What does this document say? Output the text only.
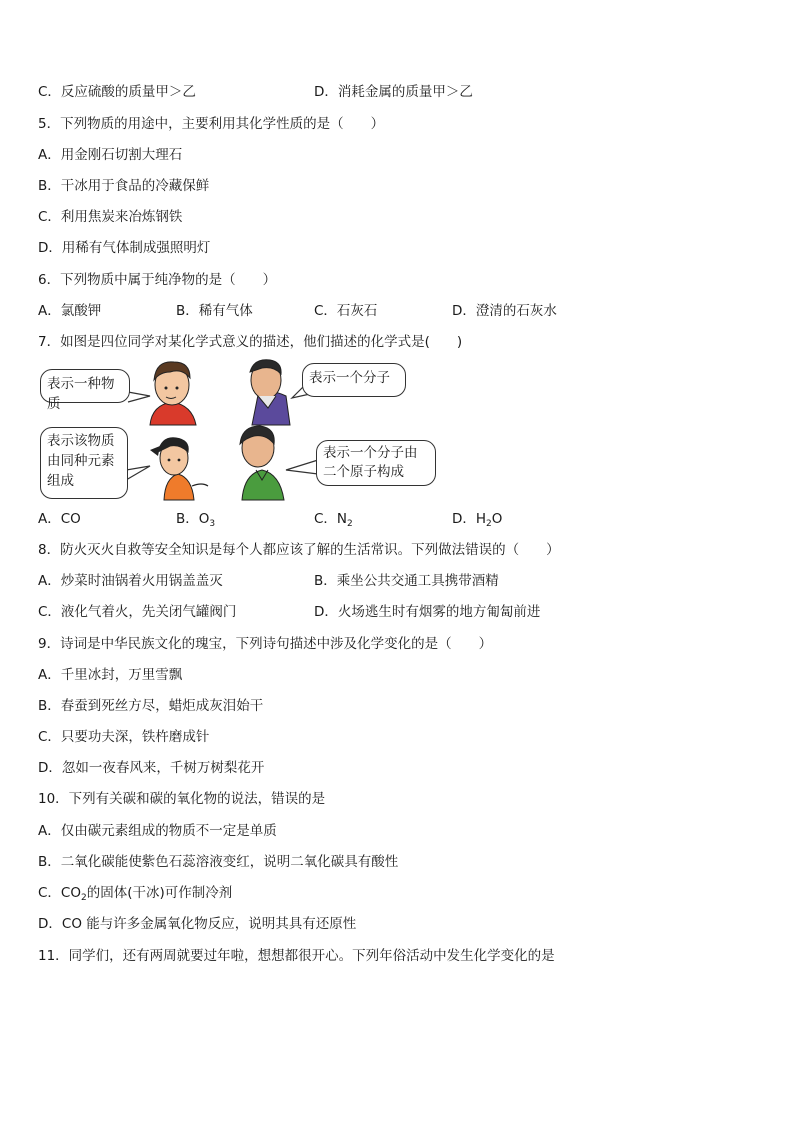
C．反应硫酸的质量甲＞乙	D．消耗金属的质量甲＞乙
5．下列物质的用途中，主要利用其化学性质的是（　　）
A．用金刚石切割大理石
B．干冰用于食品的冷藏保鲜
C．利用焦炭来冶炼钢铁
D．用稀有气体制成强照明灯
6．下列物质中属于纯净物的是（　　）
A．氯酸钾	B．稀有气体	C．石灰石	D．澄清的石灰水
7．如图是四位同学对某化学式意义的描述，他们描述的化学式是(　　)
表示一种物质
表示一个分子
表示该物质
由同种元素
组成
表示一个分子由
二个原子构成
A．CO	B．$O_3$	C．$N_2$	D．$H_2O$
8．防火灭火自救等安全知识是每个人都应该了解的生活常识。下列做法错误的（　　）
A．炒菜时油锅着火用锅盖盖灭	B．乘坐公共交通工具携带酒精
C．液化气着火，先关闭气罐阀门	D．火场逃生时有烟雾的地方匍匐前进
9．诗词是中华民族文化的瑰宝，下列诗句描述中涉及化学变化的是（　　）
A．千里冰封，万里雪飘
B．春蚕到死丝方尽，蜡炬成灰泪始干
C．只要功夫深，铁杵磨成针
D．忽如一夜春风来，千树万树梨花开
10．下列有关碳和碳的氧化物的说法，错误的是
A．仅由碳元素组成的物质不一定是单质
B．二氧化碳能使紫色石蕊溶液变红，说明二氧化碳具有酸性
C．$CO_2$的固体(干冰)可作制冷剂
D．CO 能与许多金属氧化物反应，说明其具有还原性
11．同学们，还有两周就要过年啦，想想都很开心。下列年俗活动中发生化学变化的是
